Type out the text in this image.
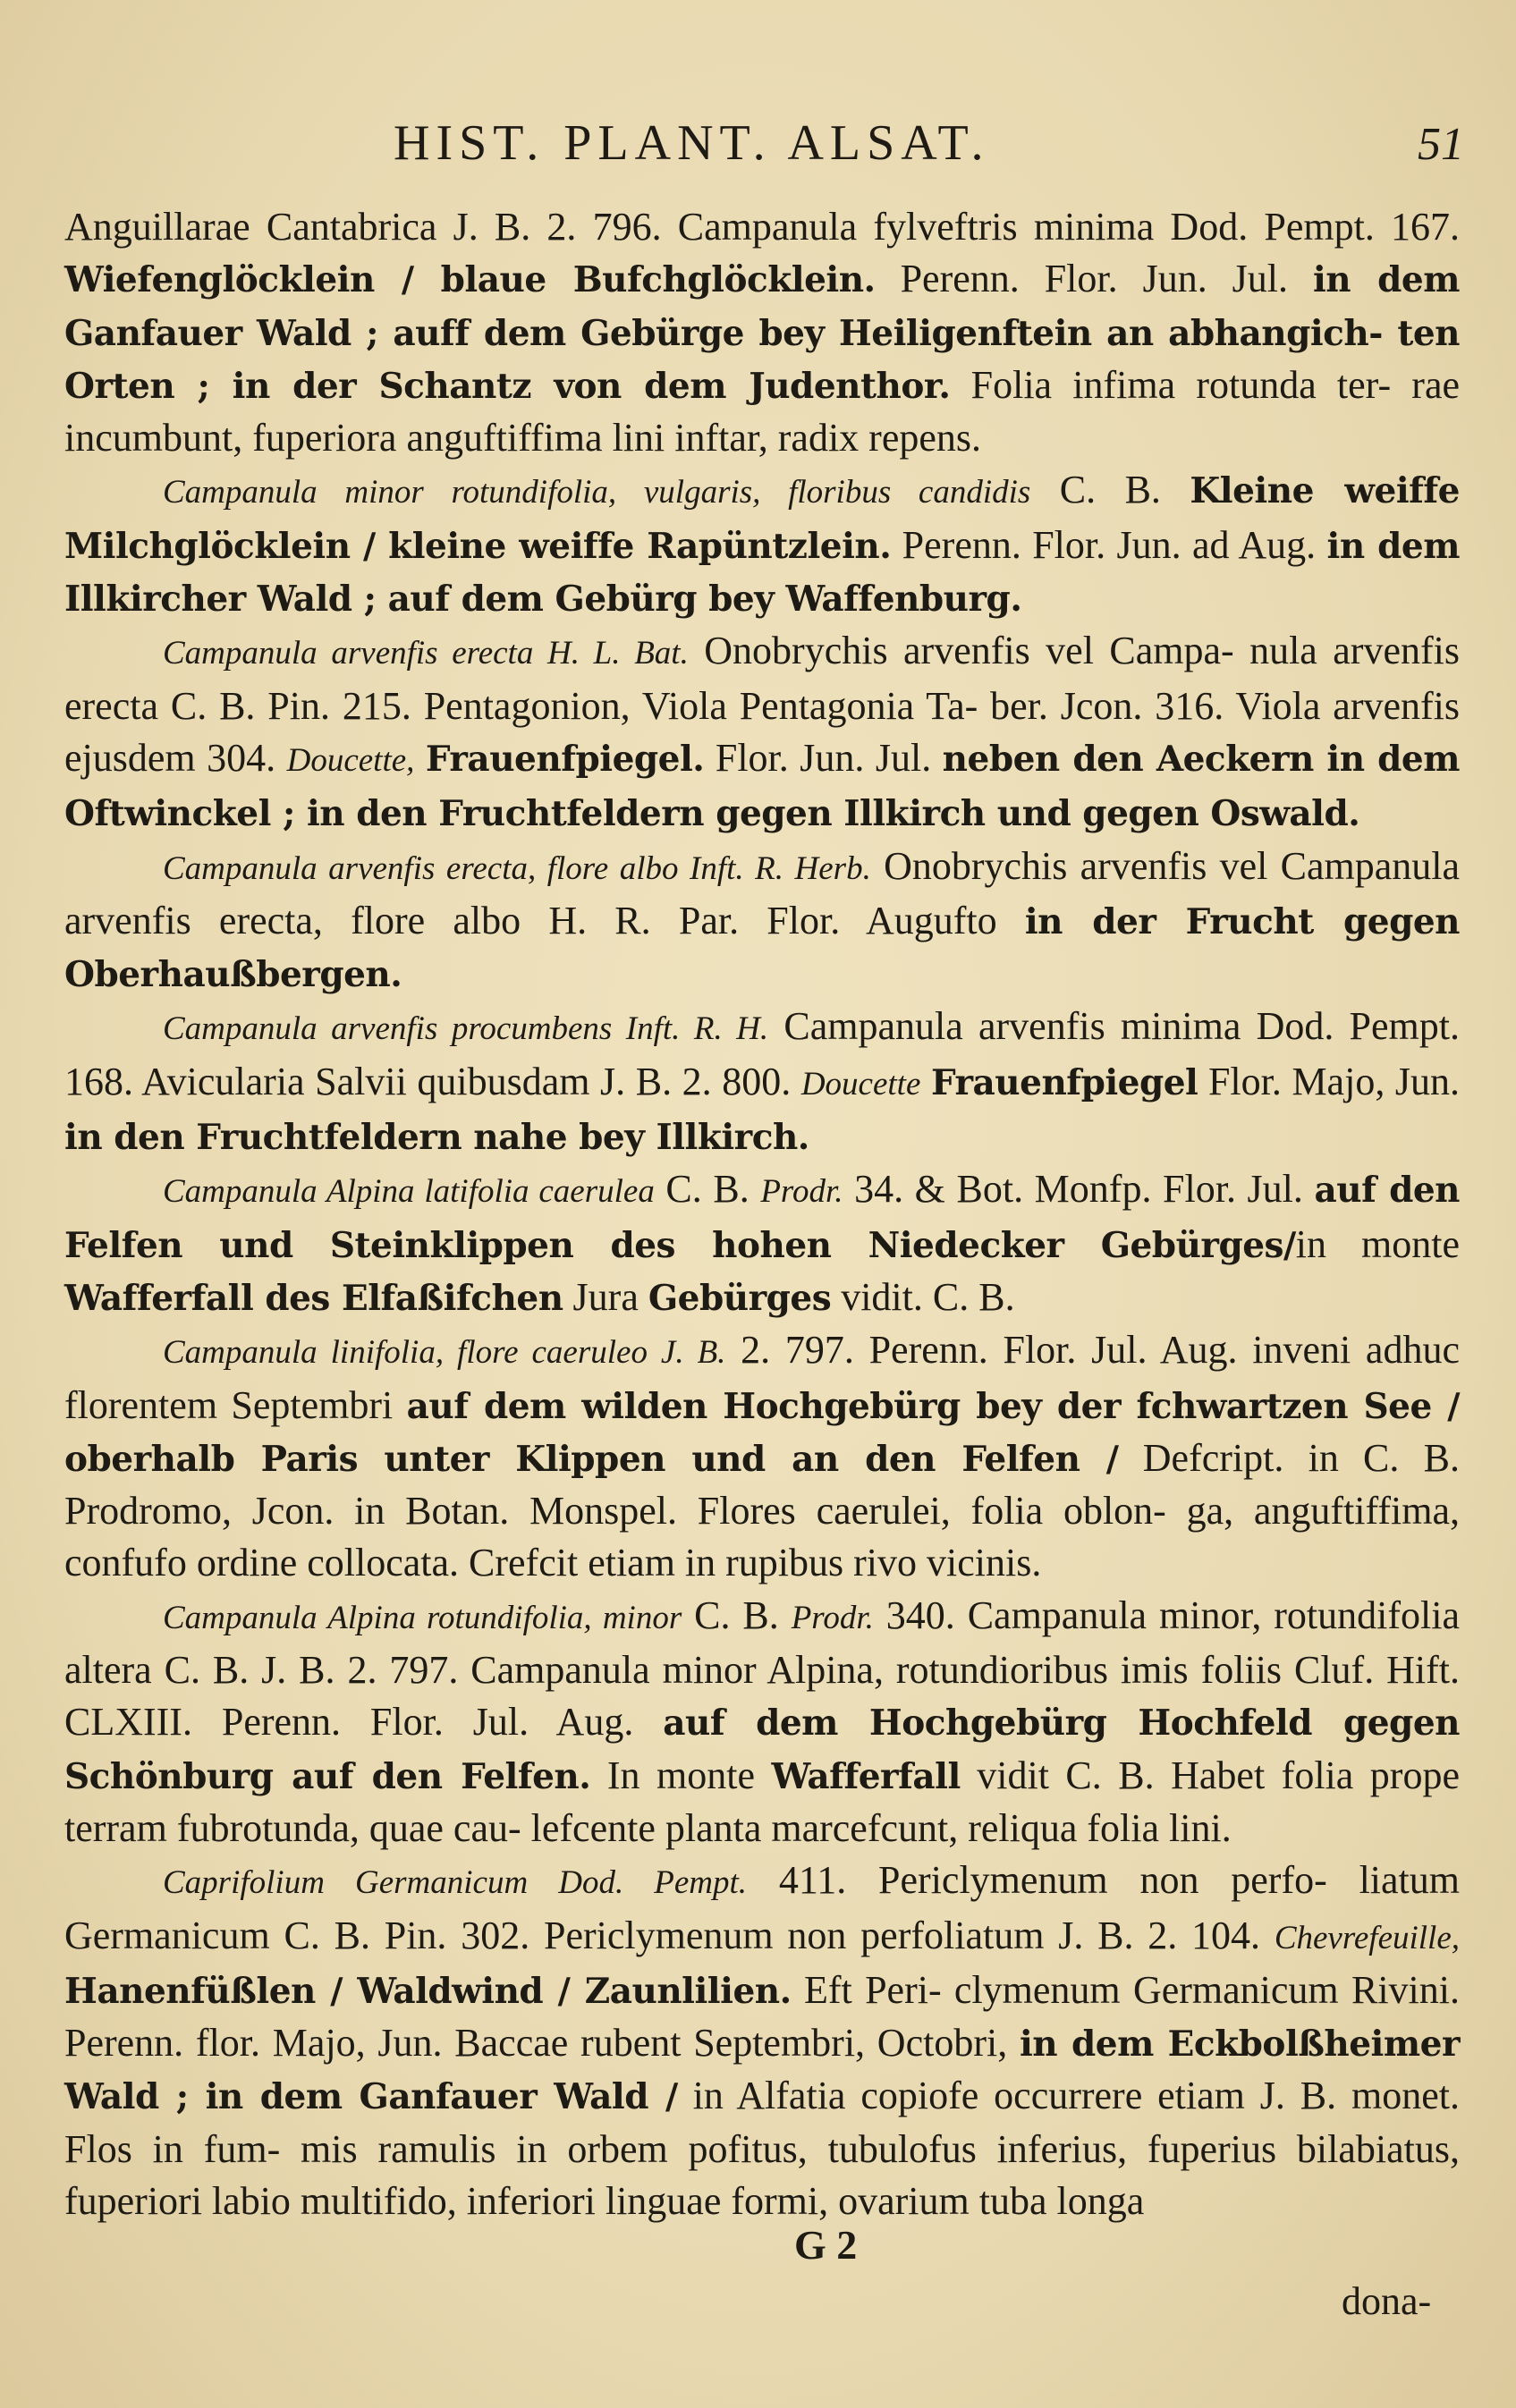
HIST. PLANT. ALSAT.	51

Anguillarae Cantabrica J. B. 2. 796. Campanula fylveftris minima Dod. Pempt. 167. Wiefenglöcklein / blaue Bufchglöcklein. Perenn. Flor. Jun. Jul. in dem Ganfauer Wald ; auff dem Gebürge bey Heiligenftein an abhangich- ten Orten ; in der Schantz von dem Judenthor. Folia infima rotunda ter- rae incumbunt, fuperiora anguftiffima lini inftar, radix repens.

Campanula minor rotundifolia, vulgaris, floribus candidis C. B. Kleine weiffe Milchglöcklein / kleine weiffe Rapüntzlein. Perenn. Flor. Jun. ad Aug. in dem Illkircher Wald ; auf dem Gebürg bey Waffenburg.

Campanula arvenfis erecta H. L. Bat. Onobrychis arvenfis vel Campa- nula arvenfis erecta C. B. Pin. 215. Pentagonion, Viola Pentagonia Ta- ber. Jcon. 316. Viola arvenfis ejusdem 304. Doucette, Frauenfpiegel. Flor. Jun. Jul. neben den Aeckern in dem Oftwinckel ; in den Fruchtfeldern gegen Illkirch und gegen Oswald.

Campanula arvenfis erecta, flore albo Inft. R. Herb. Onobrychis arvenfis vel Campanula arvenfis erecta, flore albo H. R. Par. Flor. Augufto in der Frucht gegen Oberhaußbergen.

Campanula arvenfis procumbens Inft. R. H. Campanula arvenfis minima Dod. Pempt. 168. Avicularia Salvii quibusdam J. B. 2. 800. Doucette Frauenfpiegel Flor. Majo, Jun. in den Fruchtfeldern nahe bey Illkirch.

Campanula Alpina latifolia caerulea C. B. Prodr. 34. & Bot. Monfp. Flor. Jul. auf den Felfen und Steinklippen des hohen Niedecker Gebürges/in monte Wafferfall des Elfaßifchen Jura Gebürges vidit. C. B.

Campanula linifolia, flore caeruleo J. B. 2. 797. Perenn. Flor. Jul. Aug. inveni adhuc florentem Septembri auf dem wilden Hochgebürg bey der fchwartzen See / oberhalb Paris unter Klippen und an den Felfen / Defcript. in C. B. Prodromo, Jcon. in Botan. Monspel. Flores caerulei, folia oblon- ga, anguftiffima, confufo ordine collocata. Crefcit etiam in rupibus rivo vicinis.

Campanula Alpina rotundifolia, minor C. B. Prodr. 340. Campanula minor, rotundifolia altera C. B. J. B. 2. 797. Campanula minor Alpina, rotundioribus imis foliis Cluf. Hift. CLXIII. Perenn. Flor. Jul. Aug. auf dem Hochgebürg Hochfeld gegen Schönburg auf den Felfen. In monte Wafferfall vidit C. B. Habet folia prope terram fubrotunda, quae cau- lefcente planta marcefcunt, reliqua folia lini.

Caprifolium Germanicum Dod. Pempt. 411. Periclymenum non perfo- liatum Germanicum C. B. Pin. 302. Periclymenum non perfoliatum J. B. 2. 104. Chevrefeuille, Hanenfüßlen / Waldwind / Zaunlilien. Eft Peri- clymenum Germanicum Rivini. Perenn. flor. Majo, Jun. Baccae rubent Septembri, Octobri, in dem Eckbolßheimer Wald ; in dem Ganfauer Wald / in Alfatia copiofe occurrere etiam J. B. monet. Flos in fum- mis ramulis in orbem pofitus, tubulofus inferius, fuperius bilabiatus, fuperiori labio multifido, inferiori linguae formi, ovarium tuba longa

G 2
dona-
